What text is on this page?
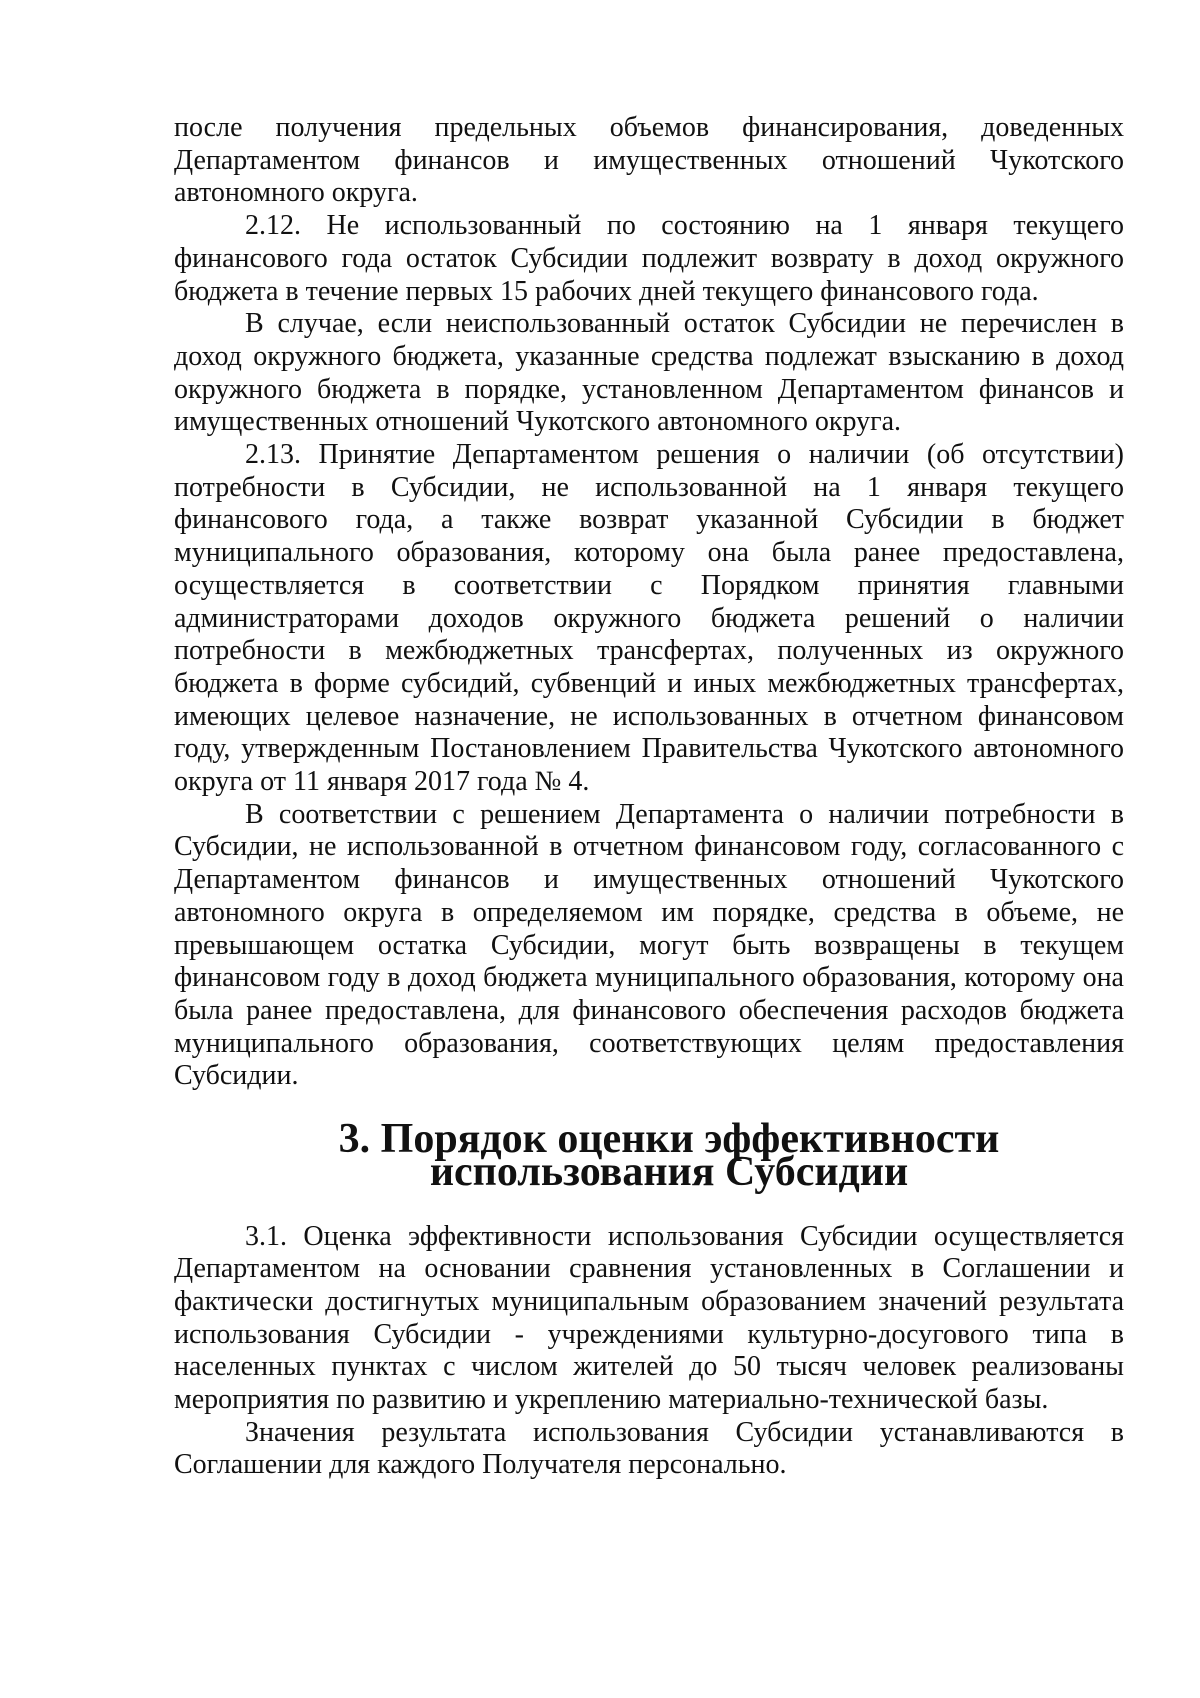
после получения предельных объемов финансирования, доведенных Департаментом финансов и имущественных отношений Чукотского автономного округа.

2.12. Не использованный по состоянию на 1 января текущего финансового года остаток Субсидии подлежит возврату в доход окружного бюджета в течение первых 15 рабочих дней текущего финансового года.

В случае, если неиспользованный остаток Субсидии не перечислен в доход окружного бюджета, указанные средства подлежат взысканию в доход окружного бюджета в порядке, установленном Департаментом финансов и имущественных отношений Чукотского автономного округа.

2.13. Принятие Департаментом решения о наличии (об отсутствии) потребности в Субсидии, не использованной на 1 января текущего финансового года, а также возврат указанной Субсидии в бюджет муниципального образования, которому она была ранее предоставлена, осуществляется в соответствии с Порядком принятия главными администраторами доходов окружного бюджета решений о наличии потребности в межбюджетных трансфертах, полученных из окружного бюджета в форме субсидий, субвенций и иных межбюджетных трансфертах, имеющих целевое назначение, не использованных в отчетном финансовом году, утвержденным Постановлением Правительства Чукотского автономного округа от 11 января 2017 года № 4.

В соответствии с решением Департамента о наличии потребности в Субсидии, не использованной в отчетном финансовом году, согласованного с Департаментом финансов и имущественных отношений Чукотского автономного округа в определяемом им порядке, средства в объеме, не превышающем остатка Субсидии, могут быть возвращены в текущем финансовом году в доход бюджета муниципального образования, которому она была ранее предоставлена, для финансового обеспечения расходов бюджета муниципального образования, соответствующих целям предоставления Субсидии.

3. Порядок оценки эффективности использования Субсидии

3.1. Оценка эффективности использования Субсидии осуществляется Департаментом на основании сравнения установленных в Соглашении и фактически достигнутых муниципальным образованием значений результата использования Субсидии - учреждениями культурно-досугового типа в населенных пунктах с числом жителей до 50 тысяч человек реализованы мероприятия по развитию и укреплению материально-технической базы.

Значения результата использования Субсидии устанавливаются в Соглашении для каждого Получателя персонально.
